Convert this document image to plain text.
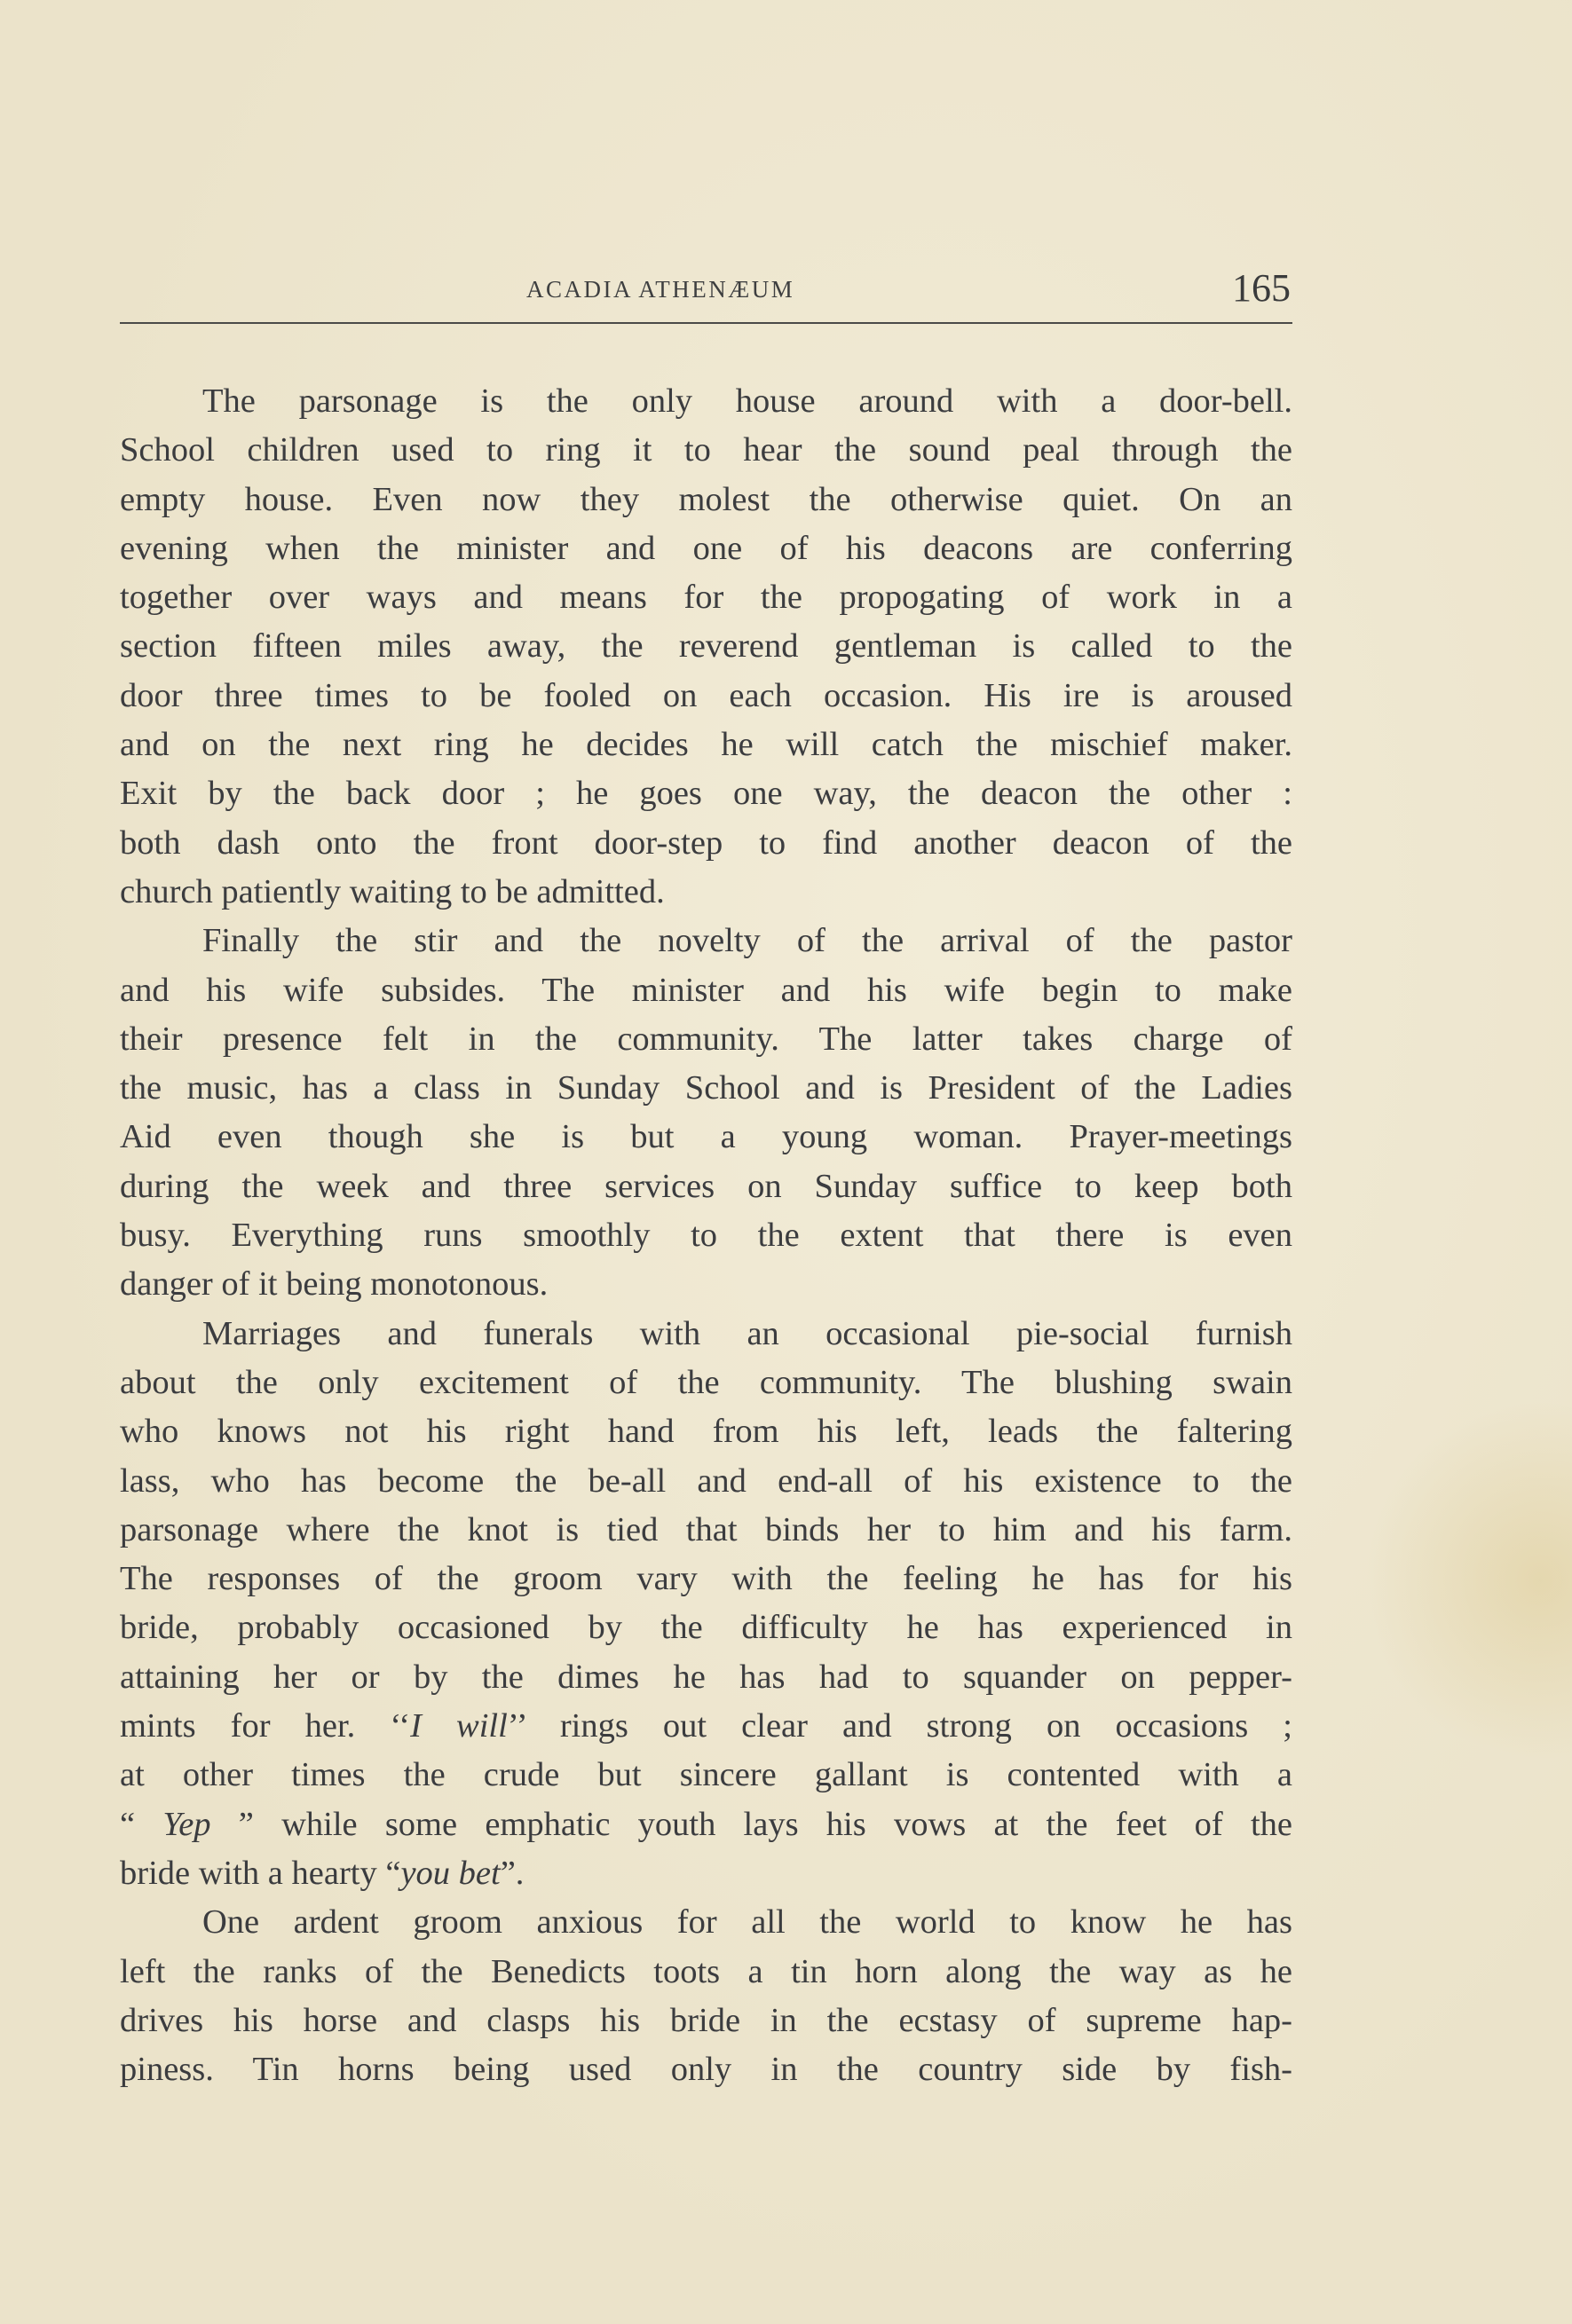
ACADIA ATHENÆUM	165
The parsonage is the only house around with a door-bell.
School children used to ring it to hear the sound peal through the
empty house. Even now they molest the otherwise quiet. On an
evening when the minister and one of his deacons are conferring
together over ways and means for the propogating of work in a
section fifteen miles away, the reverend gentleman is called to the
door three times to be fooled on each occasion. His ire is aroused
and on the next ring he decides he will catch the mischief maker.
Exit by the back door ; he goes one way, the deacon the other :
both dash onto the front door-step to find another deacon of the
church patiently waiting to be admitted.
Finally the stir and the novelty of the arrival of the pastor
and his wife subsides. The minister and his wife begin to make
their presence felt in the community. The latter takes charge of
the music, has a class in Sunday School and is President of the Ladies
Aid even though she is but a young woman. Prayer-meetings
during the week and three services on Sunday suffice to keep both
busy. Everything runs smoothly to the extent that there is even
danger of it being monotonous.
Marriages and funerals with an occasional pie-social furnish
about the only excitement of the community. The blushing swain
who knows not his right hand from his left, leads the faltering
lass, who has become the be-all and end-all of his existence to the
parsonage where the knot is tied that binds her to him and his farm.
The responses of the groom vary with the feeling he has for his
bride, probably occasioned by the difficulty he has experienced in
attaining her or by the dimes he has had to squander on pepper-
mints for her. ‘‘I will’’ rings out clear and strong on occasions ;
at other times the crude but sincere gallant is contented with a
“ Yep ” while some emphatic youth lays his vows at the feet of the
bride with a hearty “you bet”.
One ardent groom anxious for all the world to know he has
left the ranks of the Benedicts toots a tin horn along the way as he
drives his horse and clasps his bride in the ecstasy of supreme hap-
piness. Tin horns being used only in the country side by fish-
